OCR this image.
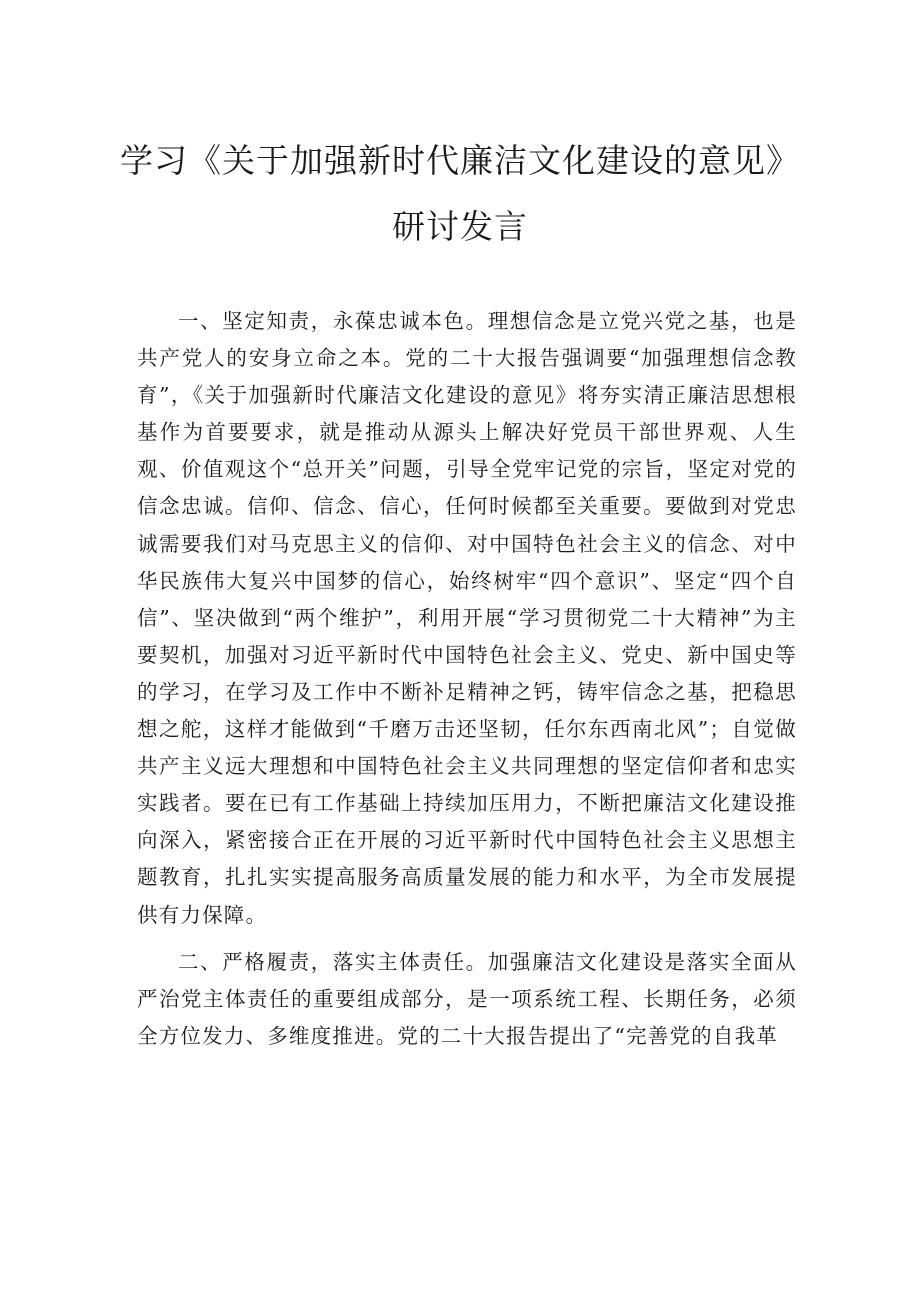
学习《关于加强新时代廉洁文化建设的意见》研讨发言

一、坚定知责，永葆忠诚本色。理想信念是立党兴党之基，也是共产党人的安身立命之本。党的二十大报告强调要“加强理想信念教育”，《关于加强新时代廉洁文化建设的意见》将夯实清正廉洁思想根基作为首要要求，就是推动从源头上解决好党员干部世界观、人生观、价值观这个“总开关”问题，引导全党牢记党的宗旨，坚定对党的信念忠诚。信仰、信念、信心，任何时候都至关重要。要做到对党忠诚需要我们对马克思主义的信仰、对中国特色社会主义的信念、对中华民族伟大复兴中国梦的信心，始终树牢“四个意识”、坚定“四个自信”、坚决做到“两个维护”，利用开展“学习贯彻党二十大精神”为主要契机，加强对习近平新时代中国特色社会主义、党史、新中国史等的学习，在学习及工作中不断补足精神之钙，铸牢信念之基，把稳思想之舵，这样才能做到“千磨万击还坚韧，任尔东西南北风”；自觉做共产主义远大理想和中国特色社会主义共同理想的坚定信仰者和忠实实践者。要在已有工作基础上持续加压用力，不断把廉洁文化建设推向深入，紧密接合正在开展的习近平新时代中国特色社会主义思想主题教育，扎扎实实提高服务高质量发展的能力和水平，为全市发展提供有力保障。

二、严格履责，落实主体责任。加强廉洁文化建设是落实全面从严治党主体责任的重要组成部分，是一项系统工程、长期任务，必须全方位发力、多维度推进。党的二十大报告提出了“完善党的自我革
